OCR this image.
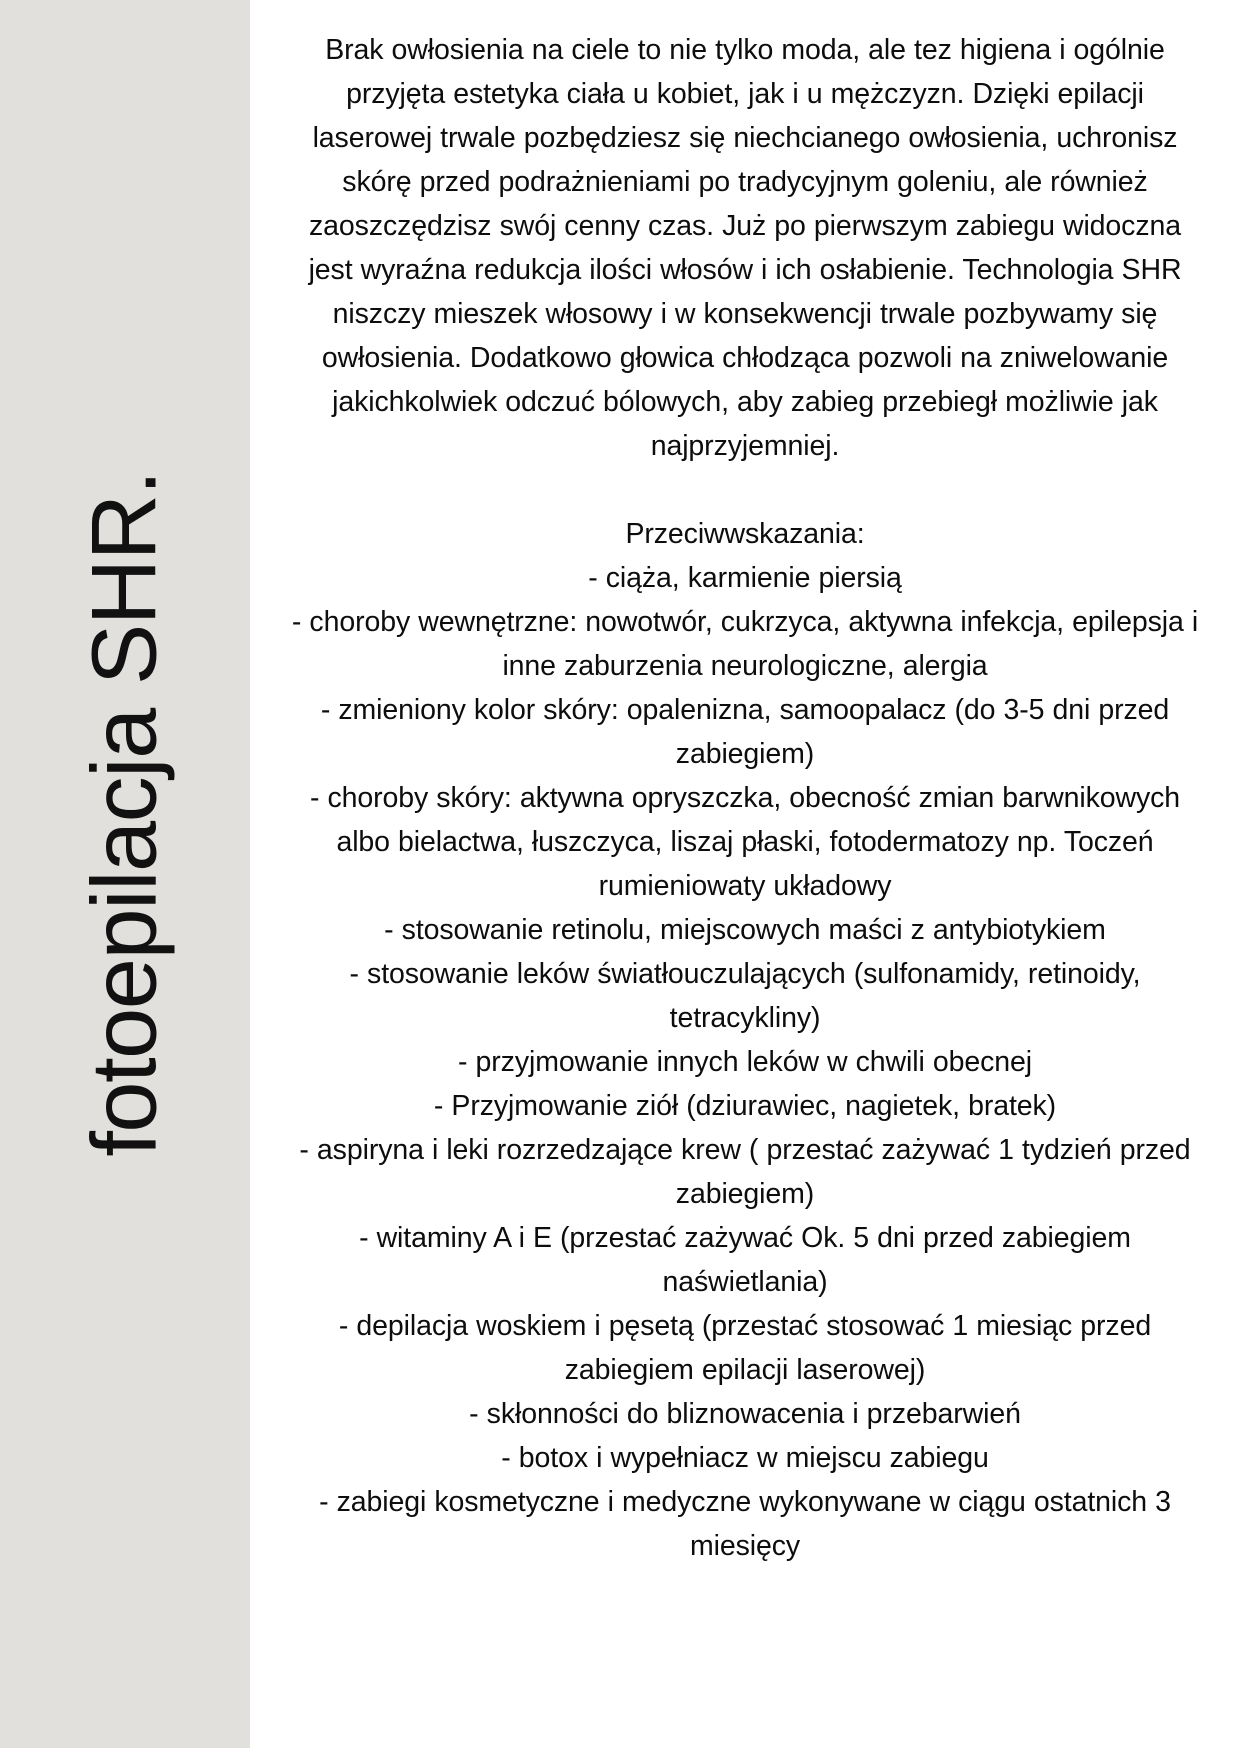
fotoepilacja SHR.

Brak owłosienia na ciele to nie tylko moda, ale tez higiena i ogólnie przyjęta estetyka ciała u kobiet, jak i u mężczyzn. Dzięki epilacji laserowej trwale pozbędziesz się niechcianego owłosienia, uchronisz skórę przed podrażnieniami po tradycyjnym goleniu, ale również zaoszczędzisz swój cenny czas. Już po pierwszym zabiegu widoczna jest wyraźna redukcja ilości włosów i ich osłabienie. Technologia SHR niszczy mieszek włosowy i w konsekwencji trwale pozbywamy się owłosienia. Dodatkowo głowica chłodząca pozwoli na zniwelowanie jakichkolwiek odczuć bólowych, aby zabieg przebiegł możliwie jak najprzyjemniej.

Przeciwwskazania:

- ciąża, karmienie piersią
- choroby wewnętrzne: nowotwór, cukrzyca, aktywna infekcja, epilepsja i inne zaburzenia neurologiczne, alergia
- zmieniony kolor skóry: opalenizna, samoopalacz (do 3-5 dni przed zabiegiem)
- choroby skóry: aktywna opryszczka, obecność zmian barwnikowych albo bielactwa, łuszczyca, liszaj płaski, fotodermatozy np. Toczeń rumieniowaty układowy
- stosowanie retinolu, miejscowych maści z antybiotykiem
- stosowanie leków światłouczulających (sulfonamidy, retinoidy, tetracykliny)
- przyjmowanie innych leków w chwili obecnej
- Przyjmowanie ziół (dziurawiec, nagietek, bratek)
- aspiryna i leki rozrzedzające krew ( przestać zażywać 1 tydzień przed zabiegiem)
- witaminy A i E (przestać zażywać Ok. 5 dni przed zabiegiem naświetlania)
- depilacja woskiem i pęsetą (przestać stosować 1 miesiąc przed zabiegiem epilacji laserowej)
- skłonności do bliznowacenia i przebarwień
- botox i wypełniacz w miejscu zabiegu
- zabiegi kosmetyczne i medyczne wykonywane w ciągu ostatnich 3 miesięcy
